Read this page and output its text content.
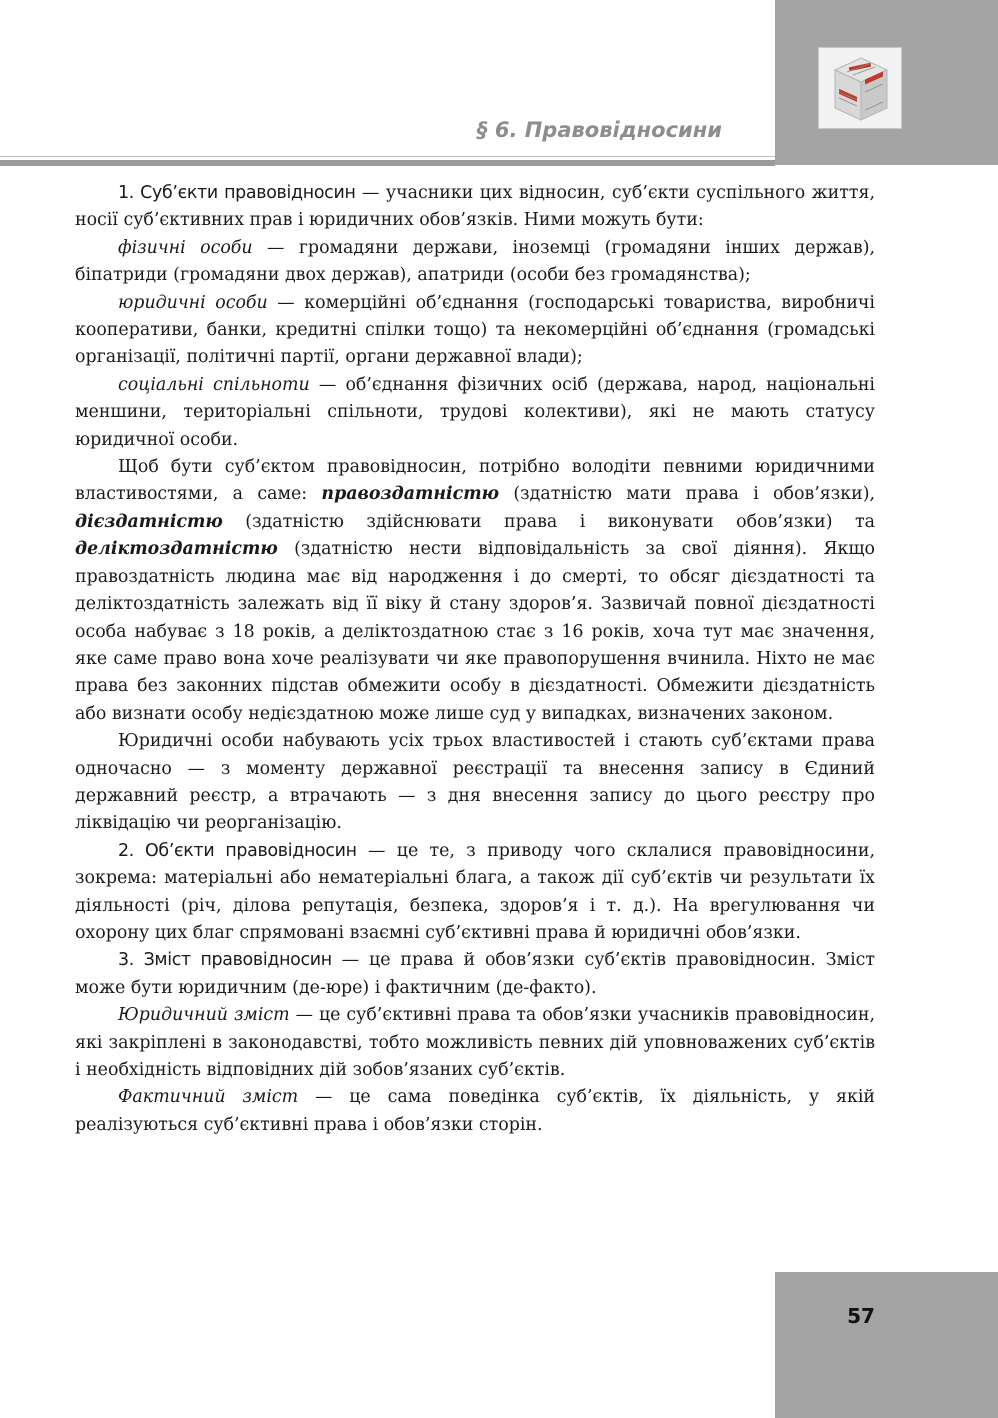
§ 6. Правовідносини

1. Суб’єкти правовідносин — учасники цих відносин, суб’єкти суспільного життя, носії суб’єктивних прав і юридичних обов’язків. Ними можуть бути:

фізичні особи — громадяни держави, іноземці (громадяни інших держав), біпатриди (громадяни двох держав), апатриди (особи без громадянства);

юридичні особи — комерційні об’єднання (господарські товариства, виробничі кооперативи, банки, кредитні спілки тощо) та некомерційні об’єднання (громадські організації, політичні партії, органи державної влади);

соціальні спільноти — об’єднання фізичних осіб (держава, народ, національні меншини, територіальні спільноти, трудові колективи), які не мають статусу юридичної особи.

Щоб бути суб’єктом правовідносин, потрібно володіти певними юридичними властивостями, а саме: правоздатністю (здатністю мати права і обов’язки), дієздатністю (здатністю здійснювати права і виконувати обов’язки) та деліктоздатністю (здатністю нести відповідальність за свої діяння). Якщо правоздатність людина має від народження і до смерті, то обсяг дієздатності та деліктоздатність залежать від її віку й стану здоров’я. Зазвичай повної дієздатності особа набуває з 18 років, а деліктоздатною стає з 16 років, хоча тут має значення, яке саме право вона хоче реалізувати чи яке правопорушення вчинила. Ніхто не має права без законних підстав обмежити особу в дієздатності. Обмежити дієздатність або визнати особу недієздатною може лише суд у випадках, визначених законом.

Юридичні особи набувають усіх трьох властивостей і стають суб’єктами права одночасно — з моменту державної реєстрації та внесення запису в Єдиний державний реєстр, а втрачають — з дня внесення запису до цього реєстру про ліквідацію чи реорганізацію.

2. Об’єкти правовідносин — це те, з приводу чого склалися правовідносини, зокрема: матеріальні або нематеріальні блага, а також дії суб’єктів чи результати їх діяльності (річ, ділова репутація, безпека, здоров’я і т. д.). На врегулювання чи охорону цих благ спрямовані взаємні суб’єктивні права й юридичні обов’язки.

3. Зміст правовідносин — це права й обов’язки суб’єктів правовідносин. Зміст може бути юридичним (де-юре) і фактичним (де-факто).

Юридичний зміст — це суб’єктивні права та обов’язки учасників правовідносин, які закріплені в законодавстві, тобто можливість певних дій уповноважених суб’єктів і необхідність відповідних дій зобов’язаних суб’єктів.

Фактичний зміст — це сама поведінка суб’єктів, їх діяльність, у якій реалізуються суб’єктивні права і обов’язки сторін.

57
